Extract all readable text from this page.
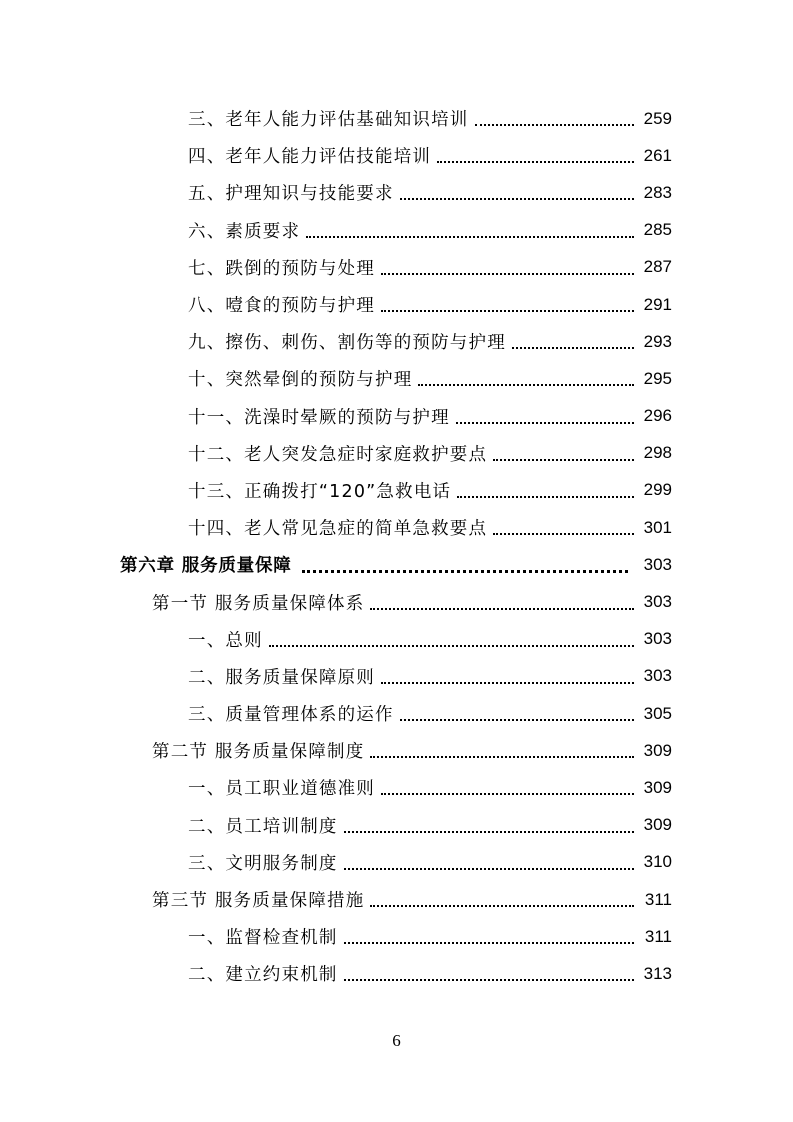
三、老年人能力评估基础知识培训	259
四、老年人能力评估技能培训	261
五、护理知识与技能要求	283
六、素质要求	285
七、跌倒的预防与处理	287
八、噎食的预防与护理	291
九、擦伤、刺伤、割伤等的预防与护理	293
十、突然晕倒的预防与护理	295
十一、洗澡时晕厥的预防与护理	296
十二、老人突发急症时家庭救护要点	298
十三、正确拨打“120”急救电话	299
十四、老人常见急症的简单急救要点	301
第六章 服务质量保障	303
第一节 服务质量保障体系	303
一、总则	303
二、服务质量保障原则	303
三、质量管理体系的运作	305
第二节 服务质量保障制度	309
一、员工职业道德准则	309
二、员工培训制度	309
三、文明服务制度	310
第三节 服务质量保障措施	311
一、监督检查机制	311
二、建立约束机制	313
6
